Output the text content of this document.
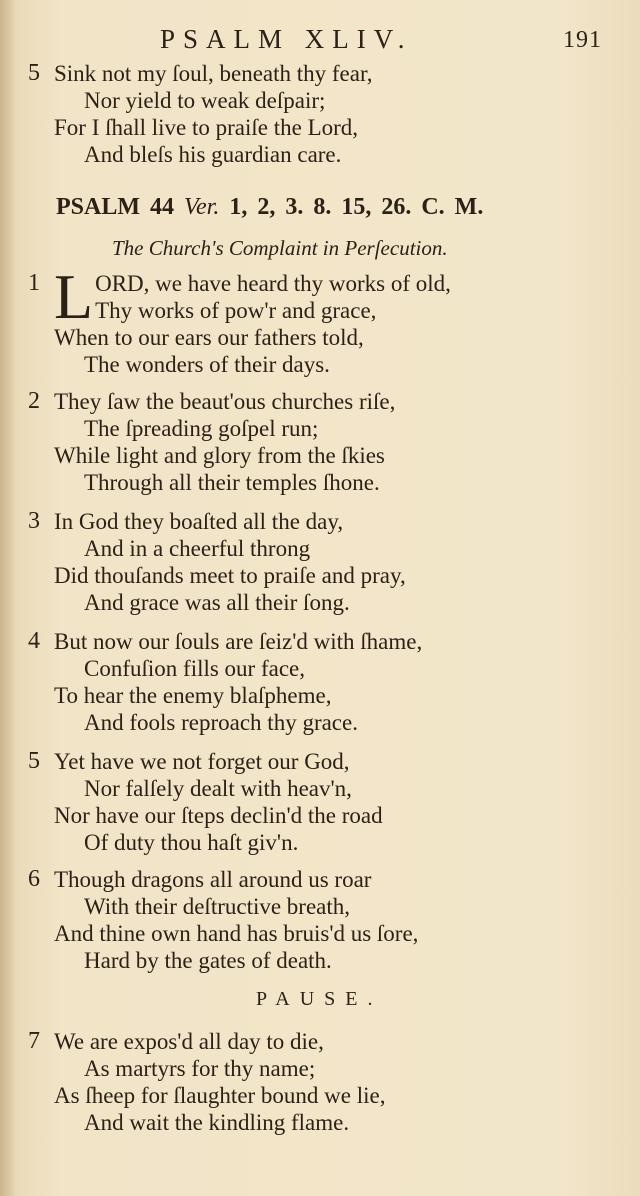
PSALM XLIV.	191
5 Sink not my ſoul, beneath thy fear,
Nor yield to weak deſpair;
For I ſhall live to praiſe the Lord,
And bleſs his guardian care.
PSALM 44 Ver. 1, 2, 3. 8. 15, 26. C. M.
The Church's Complaint in Perſecution.
1 L ORD, we have heard thy works of old,
Thy works of pow'r and grace,
When to our ears our fathers told,
The wonders of their days.
2 They ſaw the beaut'ous churches riſe,
The ſpreading goſpel run;
While light and glory from the ſkies
Through all their temples ſhone.
3 In God they boaſted all the day,
And in a cheerful throng
Did thouſands meet to praiſe and pray,
And grace was all their ſong.
4 But now our ſouls are ſeiz'd with ſhame,
Confuſion fills our face,
To hear the enemy blaſpheme,
And fools reproach thy grace.
5 Yet have we not forget our God,
Nor falſely dealt with heav'n,
Nor have our ſteps declin'd the road
Of duty thou haſt giv'n.
6 Though dragons all around us roar
With their deſtructive breath,
And thine own hand has bruis'd us ſore,
Hard by the gates of death.
PAUSE.
7 We are expos'd all day to die,
As martyrs for thy name;
As ſheep for ſlaughter bound we lie,
And wait the kindling flame.
